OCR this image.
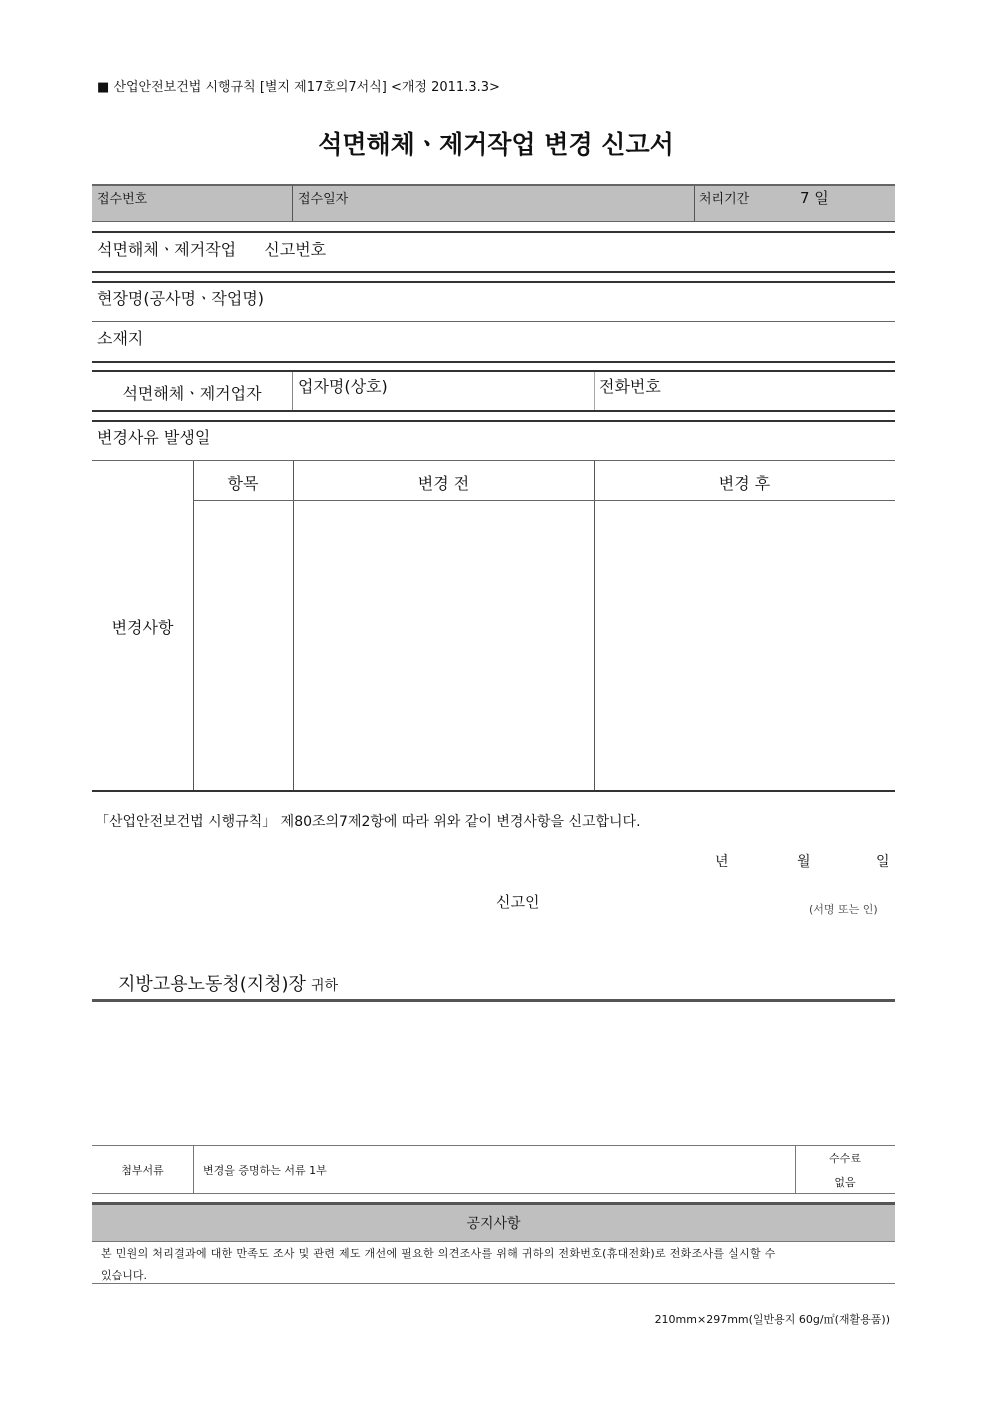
■ 산업안전보건법 시행규칙 [별지 제17호의7서식] <개정 2011.3.3>
석면해체ㆍ제거작업 변경 신고서
접수번호	접수일자	처리기간	7 일
석면해체ㆍ제거작업 신고번호
현장명(공사명ㆍ작업명)
소재지
석면해체ㆍ제거업자	업자명(상호)	전화번호
변경사유 발생일
항목	변경 전	변경 후
변경사항
「산업안전보건법 시행규칙」 제80조의7제2항에 따라 위와 같이 변경사항을 신고합니다.
년	월	일
신고인	(서명 또는 인)
지방고용노동청(지청)장 귀하
첨부서류	변경을 증명하는 서류 1부
수수료
없음
공지사항
본 민원의 처리결과에 대한 만족도 조사 및 관련 제도 개선에 필요한 의견조사를 위해 귀하의 전화번호(휴대전화)로 전화조사를 실시할 수
있습니다.
210mm×297mm(일반용지 60g/㎡(재활용품))
